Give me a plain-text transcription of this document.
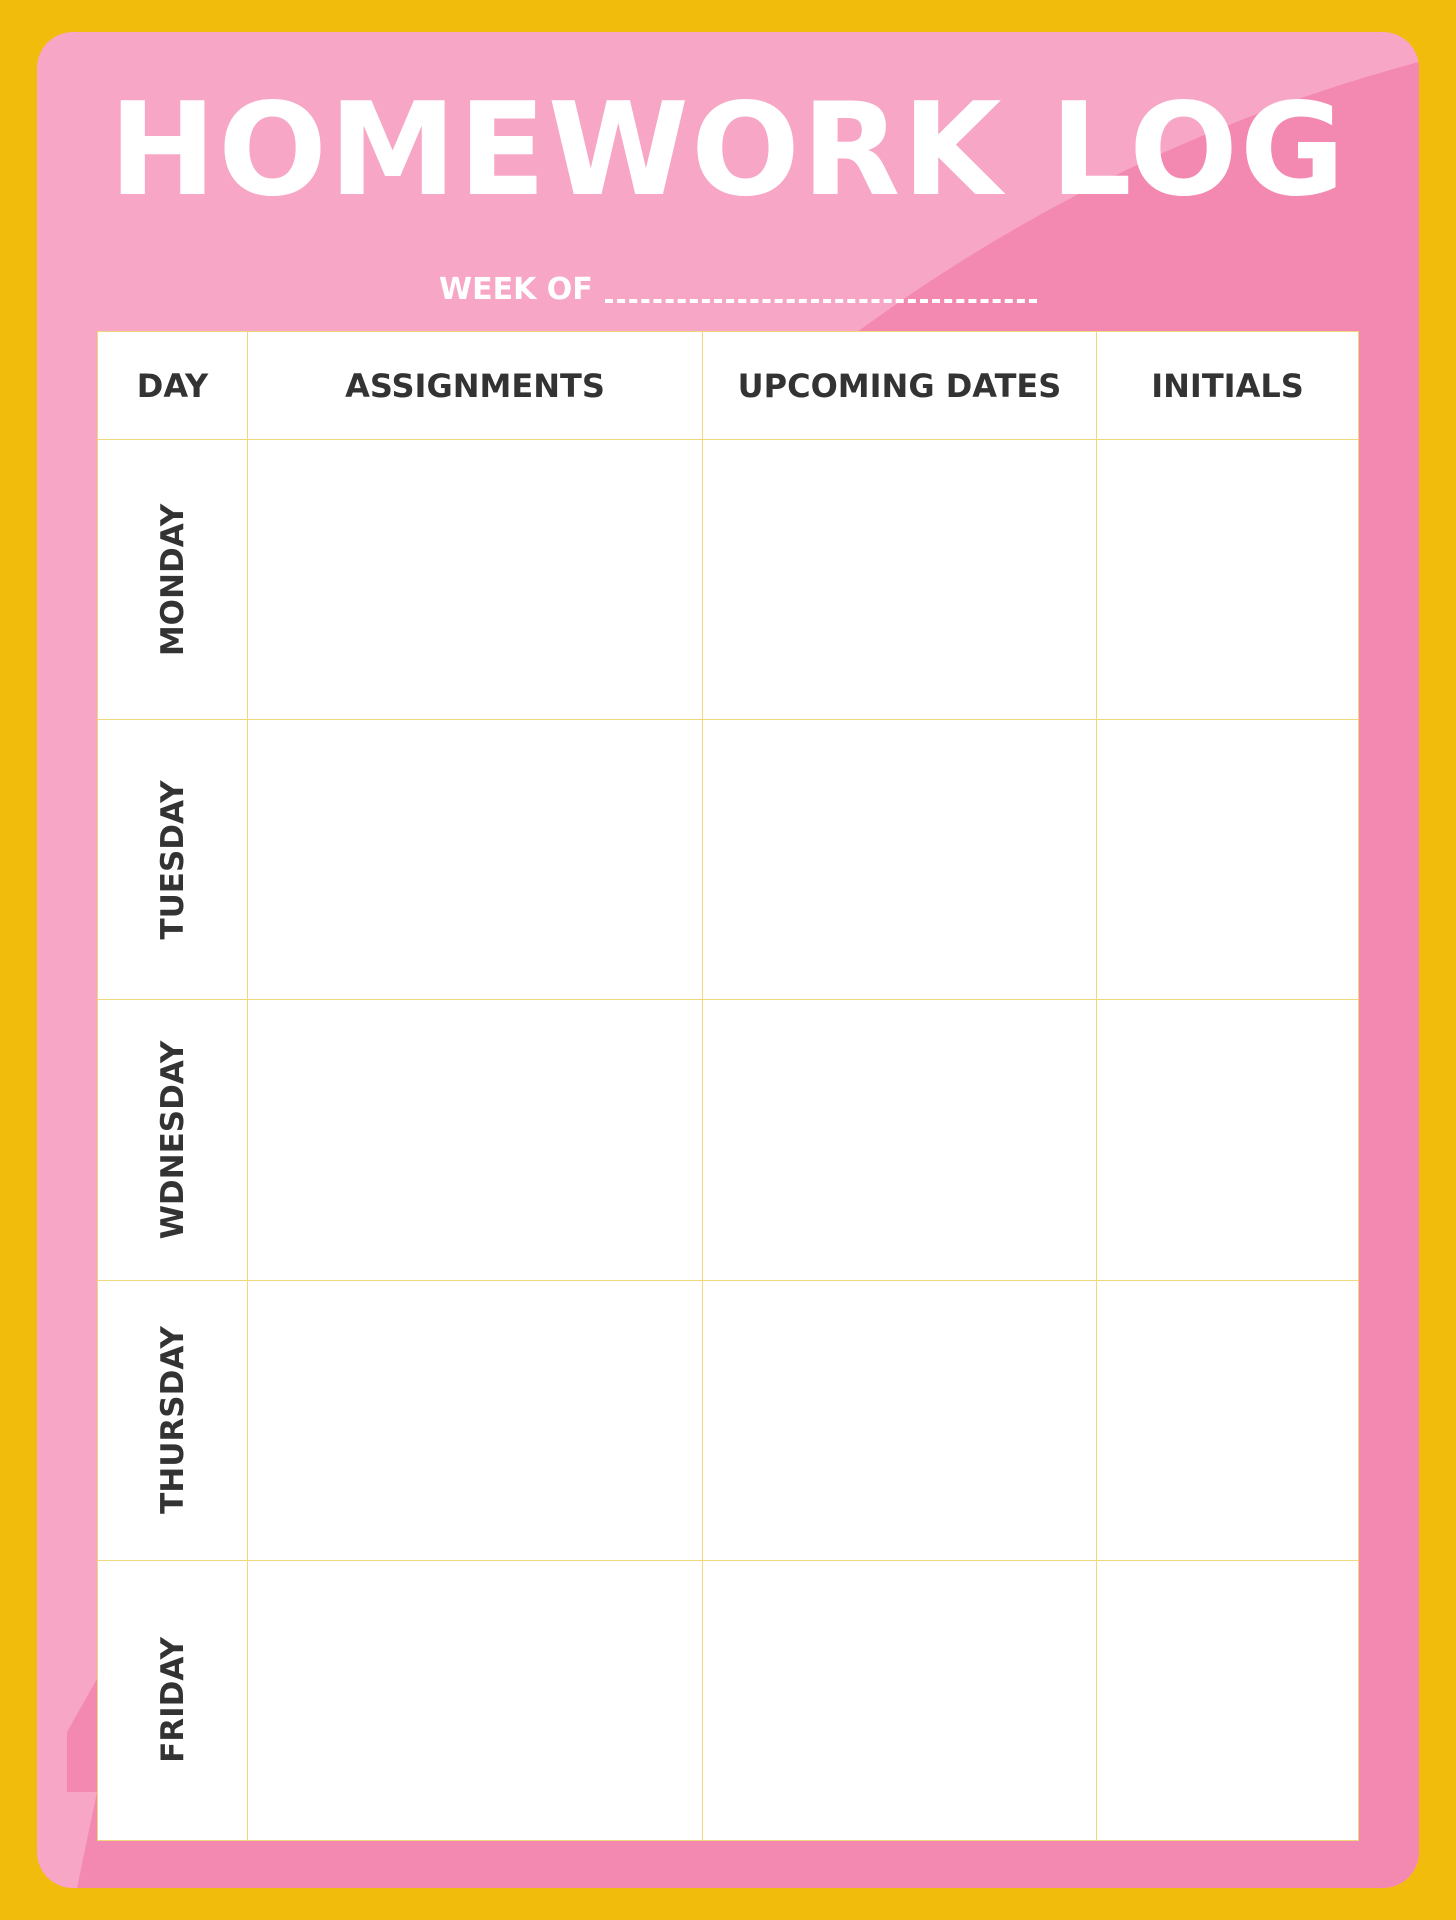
HOMEWORK LOG
WEEK OF
DAY	ASSIGNMENTS	UPCOMING DATES	INITIALS

MONDAY			

TUESDAY			

WDNESDAY			

THURSDAY			

FRIDAY			
